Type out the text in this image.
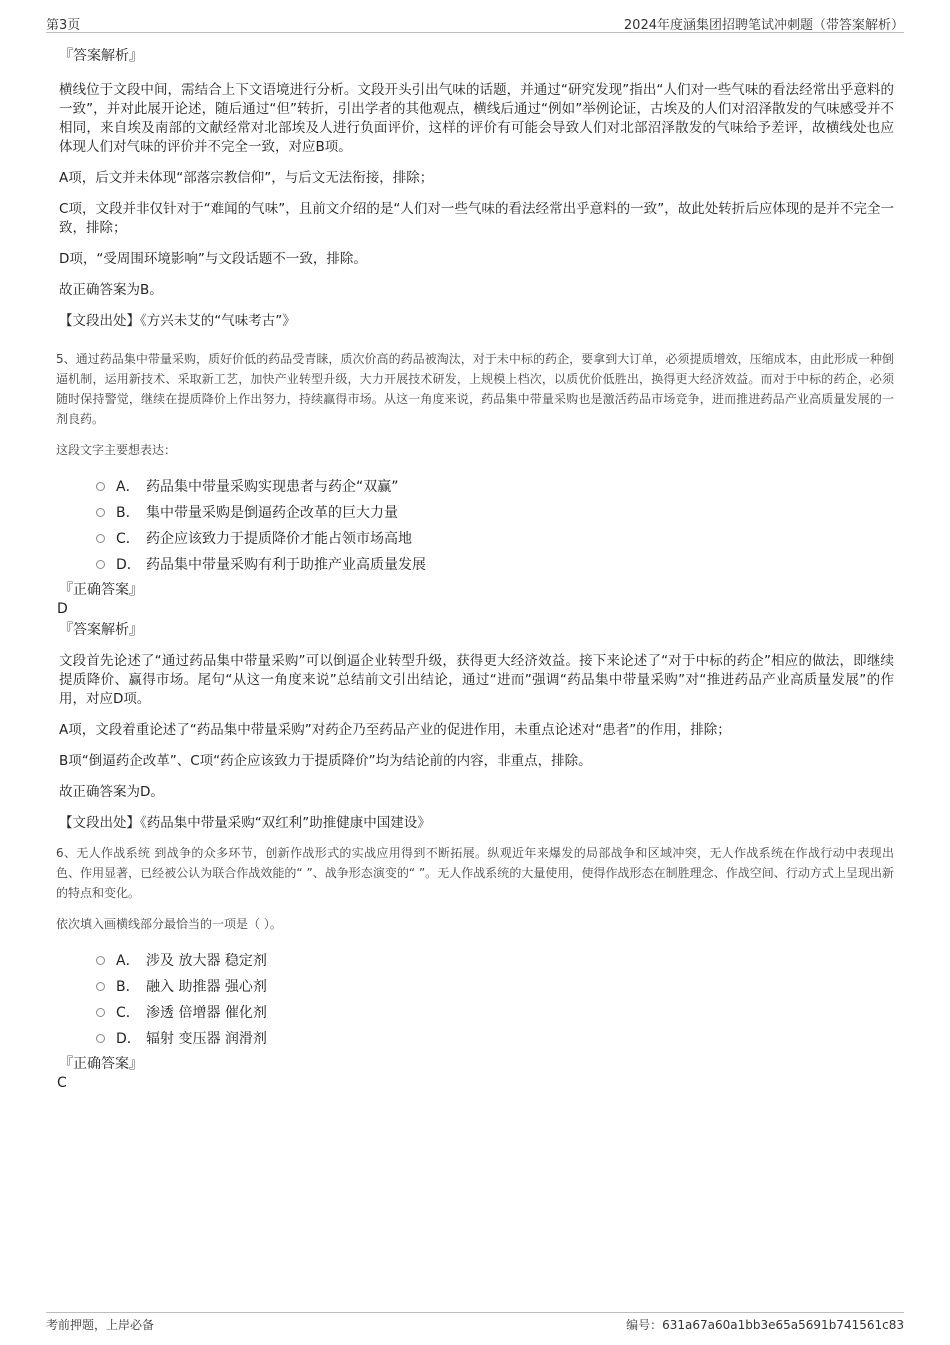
第3页	2024年度涵集团招聘笔试冲刺题（带答案解析）
『答案解析』

横线位于文段中间，需结合上下文语境进行分析。文段开头引出气味的话题，并通过“研究发现”指出“人们对一些气味的看法经常出乎意料的一致”，并对此展开论述，随后通过“但”转折，引出学者的其他观点，横线后通过“例如”举例论证，古埃及的人们对沼泽散发的气味感受并不相同，来自埃及南部的文献经常对北部埃及人进行负面评价，这样的评价有可能会导致人们对北部沼泽散发的气味给予差评，故横线处也应体现人们对气味的评价并不完全一致，对应B项。

A项，后文并未体现“部落宗教信仰”，与后文无法衔接，排除；

C项，文段并非仅针对于“难闻的气味”，且前文介绍的是“人们对一些气味的看法经常出乎意料的一致”，故此处转折后应体现的是并不完全一致，排除；

D项，“受周围环境影响”与文段话题不一致，排除。

故正确答案为B。

【文段出处】《方兴未艾的“气味考古”》

5、通过药品集中带量采购，质好价低的药品受青睐，质次价高的药品被淘汰，对于未中标的药企，要拿到大订单，必须提质增效，压缩成本，由此形成一种倒逼机制，运用新技术、采取新工艺，加快产业转型升级，大力开展技术研发，上规模上档次，以质优价低胜出，换得更大经济效益。而对于中标的药企，必须随时保持警觉，继续在提质降价上作出努力，持续赢得市场。从这一角度来说，药品集中带量采购也是激活药品市场竞争，进而推进药品产业高质量发展的一剂良药。

这段文字主要想表达：

A． 药品集中带量采购实现患者与药企“双赢”
B． 集中带量采购是倒逼药企改革的巨大力量
C． 药企应该致力于提质降价才能占领市场高地
D． 药品集中带量采购有利于助推产业高质量发展
『正确答案』
D
『答案解析』

文段首先论述了“通过药品集中带量采购”可以倒逼企业转型升级，获得更大经济效益。接下来论述了“对于中标的药企”相应的做法，即继续提质降价、赢得市场。尾句“从这一角度来说”总结前文引出结论，通过“进而”强调“药品集中带量采购”对“推进药品产业高质量发展”的作用，对应D项。

A项，文段着重论述了“药品集中带量采购”对药企乃至药品产业的促进作用，未重点论述对“患者”的作用，排除；

B项“倒逼药企改革”、C项“药企应该致力于提质降价”均为结论前的内容，非重点，排除。

故正确答案为D。

【文段出处】《药品集中带量采购“双红利”助推健康中国建设》

6、无人作战系统 到战争的众多环节，创新作战形式的实战应用得到不断拓展。纵观近年来爆发的局部战争和区域冲突，无人作战系统在作战行动中表现出色、作用显著，已经被公认为联合作战效能的“ ”、战争形态演变的“ ”。无人作战系统的大量使用，使得作战形态在制胜理念、作战空间、行动方式上呈现出新的特点和变化。

依次填入画横线部分最恰当的一项是（ ）。

A． 涉及 放大器 稳定剂
B． 融入 助推器 强心剂
C． 渗透 倍增器 催化剂
D． 辐射 变压器 润滑剂
『正确答案』
C
考前押题，上岸必备	编号：631a67a60a1bb3e65a5691b741561c83
